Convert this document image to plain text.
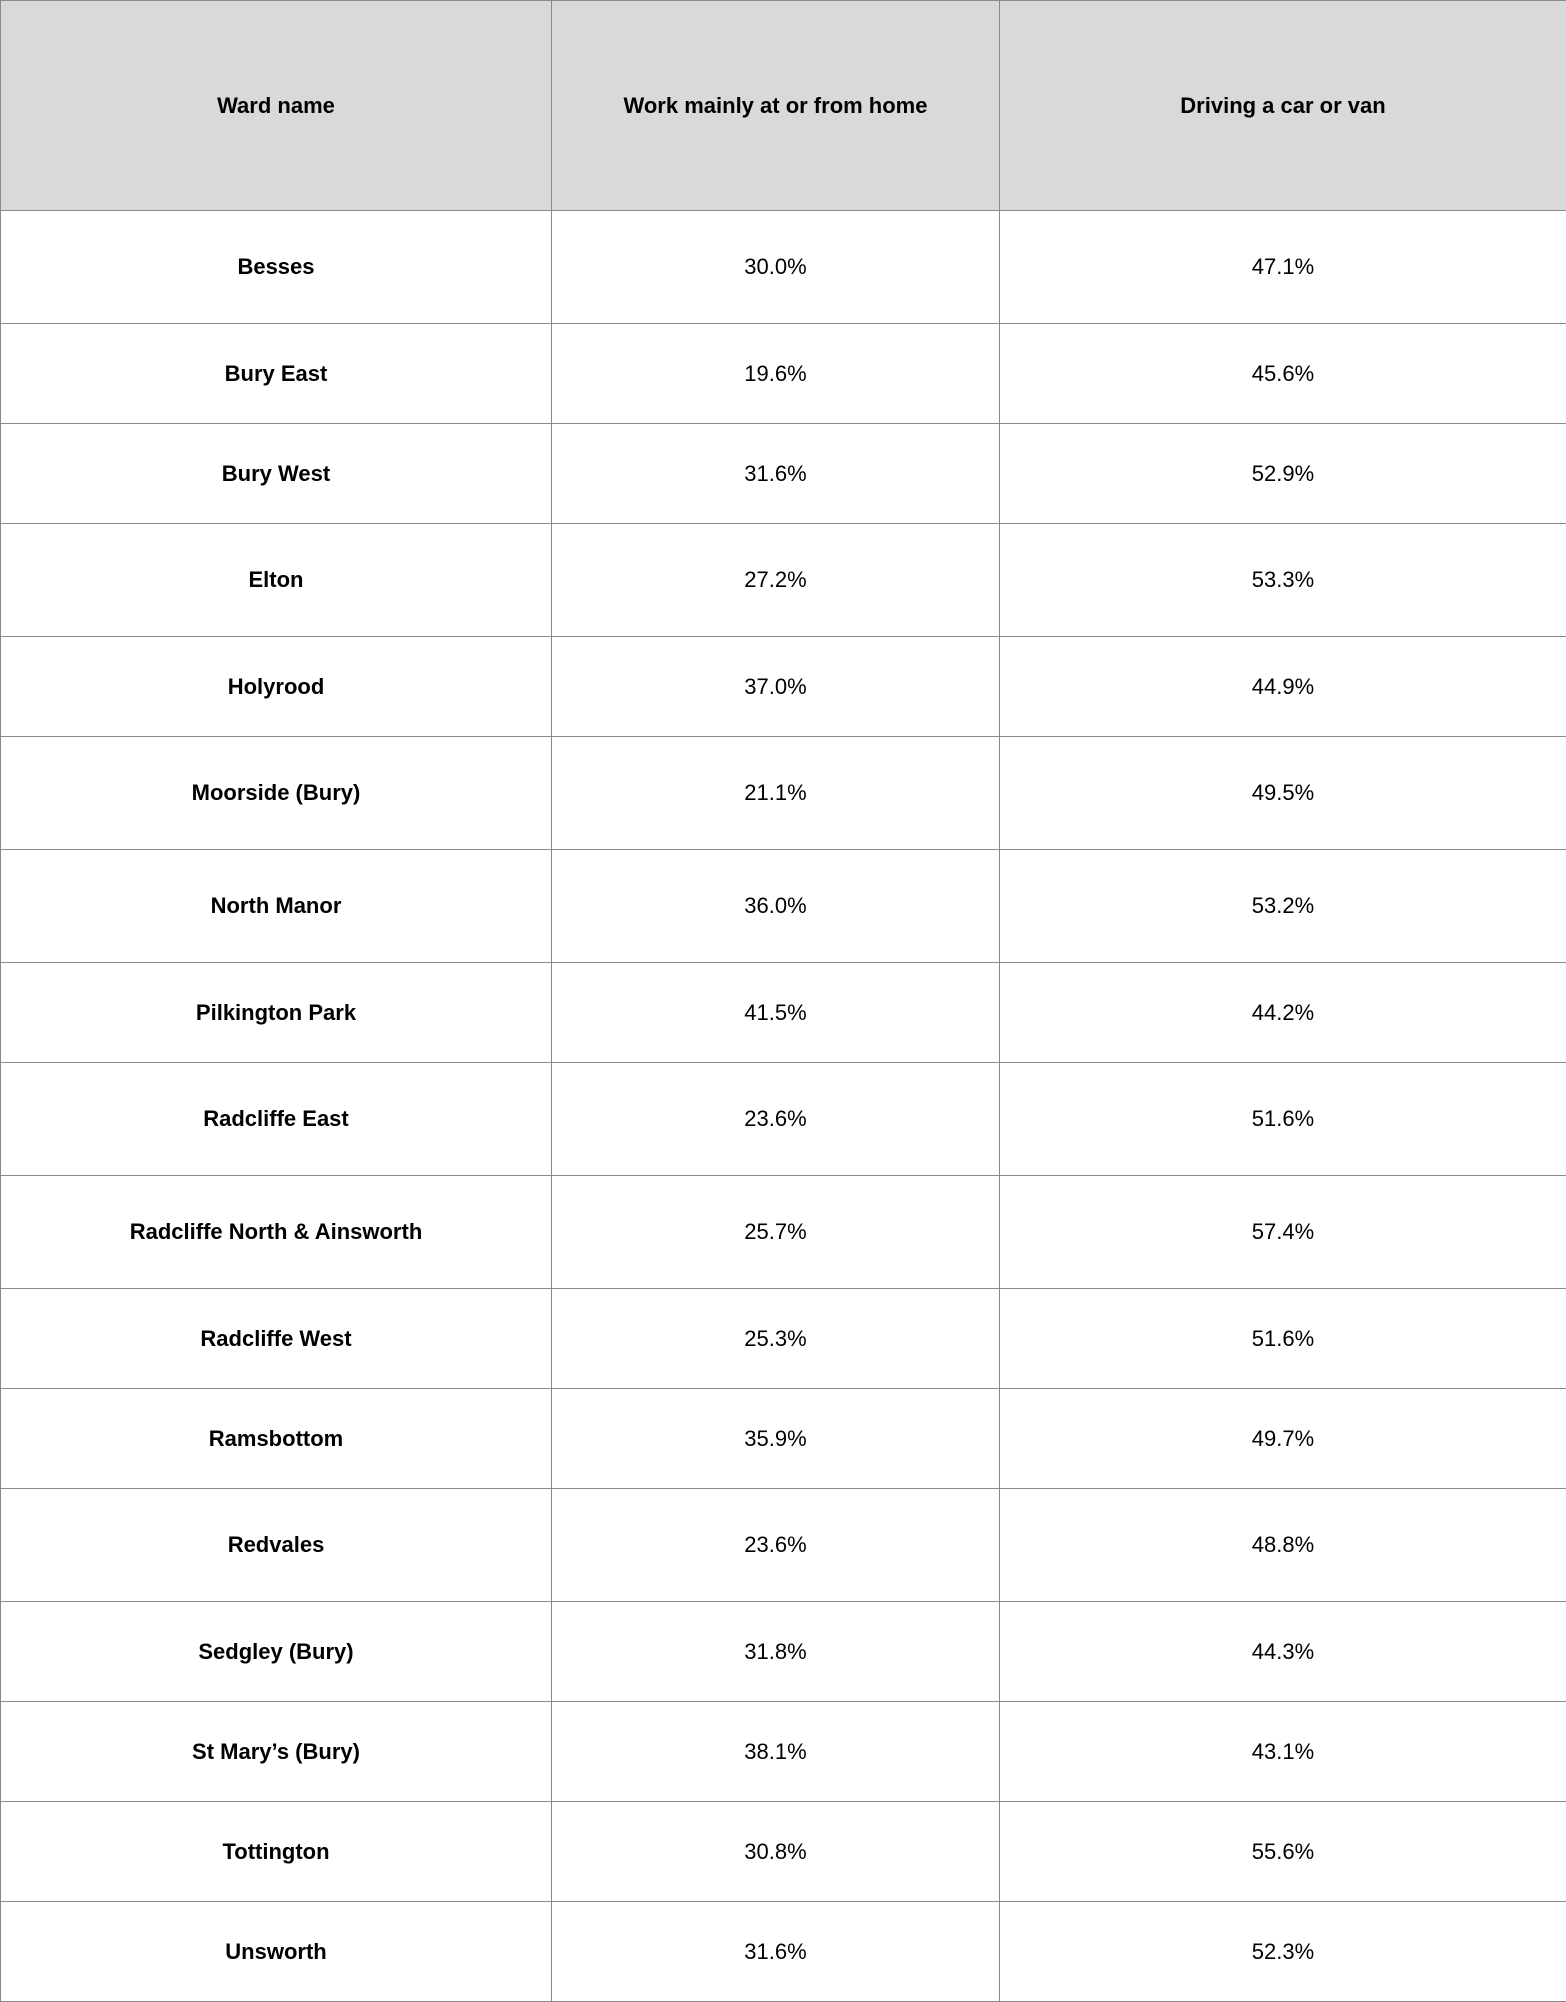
Ward name	Work mainly at or from home	Driving a car or van
Besses	30.0%	47.1%
Bury East	19.6%	45.6%
Bury West	31.6%	52.9%
Elton	27.2%	53.3%
Holyrood	37.0%	44.9%
Moorside (Bury)	21.1%	49.5%
North Manor	36.0%	53.2%
Pilkington Park	41.5%	44.2%
Radcliffe East	23.6%	51.6%
Radcliffe North & Ainsworth	25.7%	57.4%
Radcliffe West	25.3%	51.6%
Ramsbottom	35.9%	49.7%
Redvales	23.6%	48.8%
Sedgley (Bury)	31.8%	44.3%
St Mary’s (Bury)	38.1%	43.1%
Tottington	30.8%	55.6%
Unsworth	31.6%	52.3%
